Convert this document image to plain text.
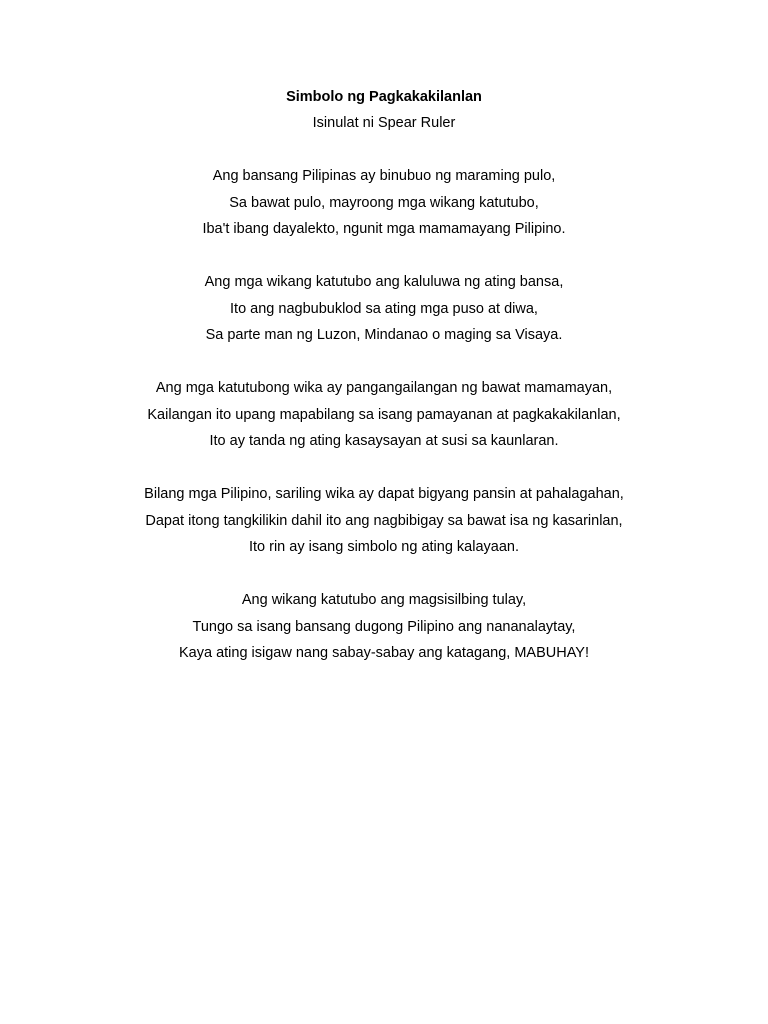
Simbolo ng Pagkakakilanlan
Isinulat ni Spear Ruler
Ang bansang Pilipinas ay binubuo ng maraming pulo,
Sa bawat pulo, mayroong mga wikang katutubo,
Iba't ibang dayalekto, ngunit mga mamamayang Pilipino.
Ang mga wikang katutubo ang kaluluwa ng ating bansa,
Ito ang nagbubuklod sa ating mga puso at diwa,
Sa parte man ng Luzon, Mindanao o maging sa Visaya.
Ang mga katutubong wika ay pangangailangan ng bawat mamamayan,
Kailangan ito upang mapabilang sa isang pamayanan at pagkakakilanlan,
Ito ay tanda ng ating kasaysayan at susi sa kaunlaran.
Bilang mga Pilipino, sariling wika ay dapat bigyang pansin at pahalagahan,
Dapat itong tangkilikin dahil ito ang nagbibigay sa bawat isa ng kasarinlan,
Ito rin ay isang simbolo ng ating kalayaan.
Ang wikang katutubo ang magsisilbing tulay,
Tungo sa isang bansang dugong Pilipino ang nananalaytay,
Kaya ating isigaw nang sabay-sabay ang katagang, MABUHAY!
